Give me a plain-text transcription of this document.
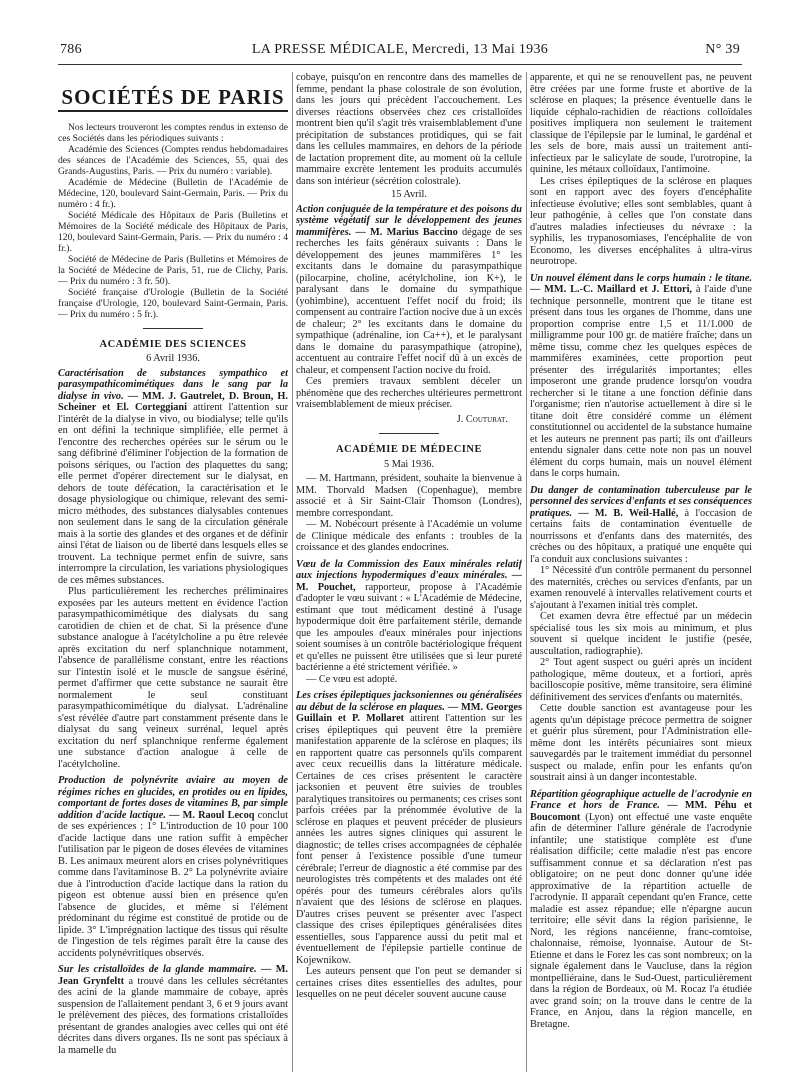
786	LA PRESSE MÉDICALE, Mercredi, 13 Mai 1936	N° 39
SOCIÉTÉS DE PARIS

Nos lecteurs trouveront les comptes rendus in extenso de ces Sociétés dans les périodiques suivants :

Académie des Sciences (Comptes rendus hebdomadaires des séances de l'Académie des Sciences, 55, quai des Grands-Augustins, Paris. — Prix du numéro : variable).

Académie de Médecine (Bulletin de l'Académie de Médecine, 120, boulevard Saint-Germain, Paris. — Prix du numéro : 4 fr.).

Société Médicale des Hôpitaux de Paris (Bulletins et Mémoires de la Société médicale des Hôpitaux de Paris, 120, boulevard Saint-Germain, Paris. — Prix du numéro : 4 fr.).

Société de Médecine de Paris (Bulletins et Mémoires de la Société de Médecine de Paris, 51, rue de Clichy, Paris. — Prix du numéro : 3 fr. 50).

Société française d'Urologie (Bulletin de la Société française d'Urologie, 120, boulevard Saint-Germain, Paris. — Prix du numéro : 5 fr.).

ACADÉMIE DES SCIENCES
6 Avril 1936.

Caractérisation de substances sympathico et parasympathicomimétiques dans le sang par la dialyse in vivo. — MM. J. Gautrelet, D. Broun, H. Scheiner et El. Corteggiani attirent l'attention sur l'intérêt de la dialyse in vivo, ou biodialyse; telle qu'ils en ont défini la technique simplifiée, elle permet à l'encontre des recherches opérées sur le sérum ou le sang défibriné d'éliminer l'objection de la formation de poisons sériques, ou l'action des plaquettes du sang; elle permet d'opérer directement sur le dialysat, en dehors de toute défécation, la caractérisation et le dosage physiologique ou chimique, relevant des semi-micro méthodes, des substances dialysables contenues non seulement dans le sang de la circulation générale mais à la sortie des glandes et des organes et de définir ainsi l'état de liaison ou de liberté dans lesquels elles se trouvent. La technique permet enfin de suivre, sans interrompre la circulation, les variations physiologiques de ces mêmes substances.

Plus particulièrement les recherches préliminaires exposées par les auteurs mettent en évidence l'action parasympathicomimétique des dialysats du sang carotidien de chien et de chat. Si la présence d'une substance analogue à l'acétylcholine a pu être relevée après excitation du nerf splanchnique notamment, l'absence de parallélisme constant, entre les réactions sur l'intestin isolé et le muscle de sangsue ésériné, permet d'affirmer que cette substance ne saurait être normalement le seul constituant parasympathicomimétique du dialysat. L'adrénaline s'est révélée d'autre part constamment présente dans le dialysat du sang veineux surrénal, lequel après excitation du nerf splanchnique renferme également une substance d'action analogue à celle de l'acétylcholine.

Production de polynévrite aviaire au moyen de régimes riches en glucides, en protides ou en lipides, comportant de fortes doses de vitamines B, par simple addition d'acide lactique. — M. Raoul Lecoq conclut de ses expériences : 1° L'introduction de 10 pour 100 d'acide lactique dans une ration suffit à empêcher l'utilisation par le pigeon de doses élevées de vitamines B. Les animaux meurent alors en crises polynévritiques comme dans l'avitaminose B. 2° La polynévrite aviaire due à l'introduction d'acide lactique dans la ration du pigeon est obtenue aussi bien en présence qu'en l'absence de glucides, et même si l'élément prédominant du régime est constitué de protide ou de lipide. 3° L'imprégnation lactique des tissus qui résulte de l'ingestion de tels régimes paraît être la cause des accidents polynévritiques observés.

Sur les cristalloïdes de la glande mammaire. — M. Jean Grynfeltt a trouvé dans les cellules sécrétantes des acini de la glande mammaire de cobaye, après suspension de l'allaitement pendant 3, 6 et 9 jours avant le prélèvement des pièces, des formations cristalloïdes présentant de grandes analogies avec celles qui ont été décrites dans divers organes. Ils ne sont pas spéciaux à la mamelle du

cobaye, puisqu'on en rencontre dans des mamelles de femme, pendant la phase colostrale de son évolution, dans les jours qui précèdent l'accouchement. Les diverses réactions observées chez ces cristalloïdes montrent bien qu'il s'agit très vraisemblablement d'une précipitation de substances protidiques, qui se fait dans les cellules mammaires, en dehors de la période de lactation proprement dite, au moment où la cellule mammaire excrète lentement les produits accumulés dans son intérieur (sécrétion colostrale).

15 Avril.

Action conjuguée de la température et des poisons du système végétatif sur le développement des jeunes mammifères. — M. Marius Baccino dégage de ses recherches les faits généraux suivants : Dans le développement des jeunes mammifères 1° les excitants dans le domaine du parasympathique (pilocarpine, choline, acétylcholine, ion K+), le paralysant dans le domaine du sympathique (yohimbine), accentuent l'effet nocif du froid; ils compensent au contraire l'action nocive due à un excès de chaleur; 2° les excitants dans le domaine du sympathique (adrénaline, ion Ca++), et le paralysant dans le domaine du parasympathique (atropine), accentuent au contraire l'effet nocif dû à un excès de chaleur, et compensent l'action nocive du froid.

Ces premiers travaux semblent déceler un phénomène que des recherches ultérieures permettront vraisemblablement de mieux préciser.

J. Couturat.
ACADÉMIE DE MÉDECINE
5 Mai 1936.

— M. Hartmann, président, souhaite la bienvenue à MM. Thorvald Madsen (Copenhague), membre associé et à Sir Saint-Clair Thomson (Londres), membre correspondant.

— M. Nobécourt présente à l'Académie un volume de Clinique médicale des enfants : troubles de la croissance et des glandes endocrines.

Vœu de la Commission des Eaux minérales relatif aux injections hypodermiques d'eaux minérales. — M. Pouchet, rapporteur, propose à l'Académie d'adopter le vœu suivant : « L'Académie de Médecine, estimant que tout médicament destiné à l'usage hypodermique doit être parfaitement stérile, demande que les ampoules d'eaux minérales pour injections soient soumises à un contrôle bactériologique fréquent et qu'elles ne puissent être utilisées que si leur pureté bactérienne a été strictement vérifiée. »

— Ce vœu est adopté.

Les crises épileptiques jacksoniennes ou généralisées au début de la sclérose en plaques. — MM. Georges Guillain et P. Mollaret attirent l'attention sur les crises épileptiques qui peuvent être la première manifestation apparente de la sclérose en plaques; ils en rapportent quatre cas personnels qu'ils comparent avec ceux recueillis dans la littérature médicale. Certaines de ces crises présentent le caractère jacksonien et peuvent être suivies de troubles paralytiques transitoires ou permanents; ces crises sont parfois créées par la prénommée évolutive de la sclérose en plaques et peuvent précéder de plusieurs années les autres signes cliniques qui assurent le diagnostic; de telles crises accompagnées de céphalée font penser à l'existence possible d'une tumeur cérébrale; l'erreur de diagnostic a été commise par des neurologistes très compétents et des malades ont été opérés pour des tumeurs cérébrales alors qu'ils n'avaient que des lésions de sclérose en plaques. D'autres crises peuvent se présenter avec l'aspect classique des crises épileptiques généralisées dites essentielles, sous l'apparence aussi du petit mal et éventuellement de l'épilepsie partielle continue de Kojewnikow.

Les auteurs pensent que l'on peut se demander si certaines crises dites essentielles des adultes, pour lesquelles on ne peut déceler souvent aucune cause

apparente, et qui ne se renouvellent pas, ne peuvent être créées par une forme fruste et abortive de la sclérose en plaques; la présence éventuelle dans le liquide céphalo-rachidien de réactions colloïdales positives impliquera non seulement le traitement classique de l'épilepsie par le luminal, le gardénal et les sels de bore, mais aussi un traitement anti-infectieux par le salicylate de soude, l'urotropine, la quinine, les métaux colloïdaux, l'antimoine.

Les crises épileptiques de la sclérose en plaques sont en rapport avec des foyers d'encéphalite infectieuse évolutive; elles sont semblables, quant à leur pathogénie, à celles que l'on constate dans d'autres maladies infectieuses du névraxe : la syphilis, les trypanosomiases, l'encéphalite de von Economo, les diverses encéphalites à ultra-virus neurotrope.

Un nouvel élément dans le corps humain : le titane. — MM. L.-C. Maillard et J. Ettori, à l'aide d'une technique personnelle, montrent que le titane est présent dans tous les organes de l'homme, dans une proportion comprise entre 1,5 et 11/1.000 de milligramme pour 100 gr. de matière fraîche; dans un même tissu, comme chez les quelques espèces de mammifères examinées, cette proportion peut présenter des irrégularités importantes; elles imposeront une grande prudence lorsqu'on voudra rechercher si le titane a une fonction définie dans l'organisme; rien n'autorise actuellement à dire si le titane doit être considéré comme un élément constitutionnel ou accidentel de la substance humaine et les auteurs ne prennent pas parti; ils ont d'ailleurs entendu signaler dans cette note non pas un nouvel élément du corps humain, mais un nouvel élément dans le corps humain.

Du danger de contamination tuberculeuse par le personnel des services d'enfants et ses conséquences pratiques. — M. B. Weil-Hallé, à l'occasion de certains faits de contamination éventuelle de nourrissons et d'enfants dans des maternités, des crèches ou des hôpitaux, a pratiqué une enquête qui l'a conduit aux conclusions suivantes :

1° Nécessité d'un contrôle permanent du personnel des maternités, crèches ou services d'enfants, par un examen renouvelé à intervalles relativement courts et s'ajoutant à l'examen initial très complet.

Cet examen devra être effectué par un médecin spécialisé tous les six mois au minimum, et plus souvent si quelque incident le justifie (pesée, auscultation, radiographie).

2° Tout agent suspect ou guéri après un incident pathologique, même douteux, et a fortiori, après bacilloscopie positive, même transitoire, sera éliminé définitivement des services d'enfants ou maternités.

Cette double sanction est avantageuse pour les agents qu'un dépistage précoce permettra de soigner et guérir plus sûrement, pour l'Administration elle-même dont les intérêts pécuniaires sont mieux sauvegardés par le traitement immédiat du personnel suspect ou malade, enfin pour les enfants qu'on soustrait ainsi à un danger incontestable.

Répartition géographique actuelle de l'acrodynie en France et hors de France. — MM. Péhu et Boucomont (Lyon) ont effectué une vaste enquête afin de déterminer l'allure générale de l'acrodynie infantile; une statistique complète est d'une réalisation difficile; cette maladie n'est pas encore suffisamment connue et sa déclaration n'est pas obligatoire; on ne peut donc donner qu'une idée approximative de la répartition actuelle de l'acrodynie. Il apparaît cependant qu'en France, cette maladie est assez répandue; elle n'épargne aucun territoire; elle sévit dans la région parisienne, le Nord, les régions nancéienne, franc-comtoise, chalonnaise, rémoise, lyonnaise. Autour de St-Etienne et dans le Forez les cas sont nombreux; on la signale également dans le Vaucluse, dans la région montpelliéraine, dans le Sud-Ouest, particulièrement dans la région de Bordeaux, où M. Rocaz l'a étudiée avec grand soin; on la trouve dans le centre de la France, en Anjou, dans la région mancelle, en Bretagne.
